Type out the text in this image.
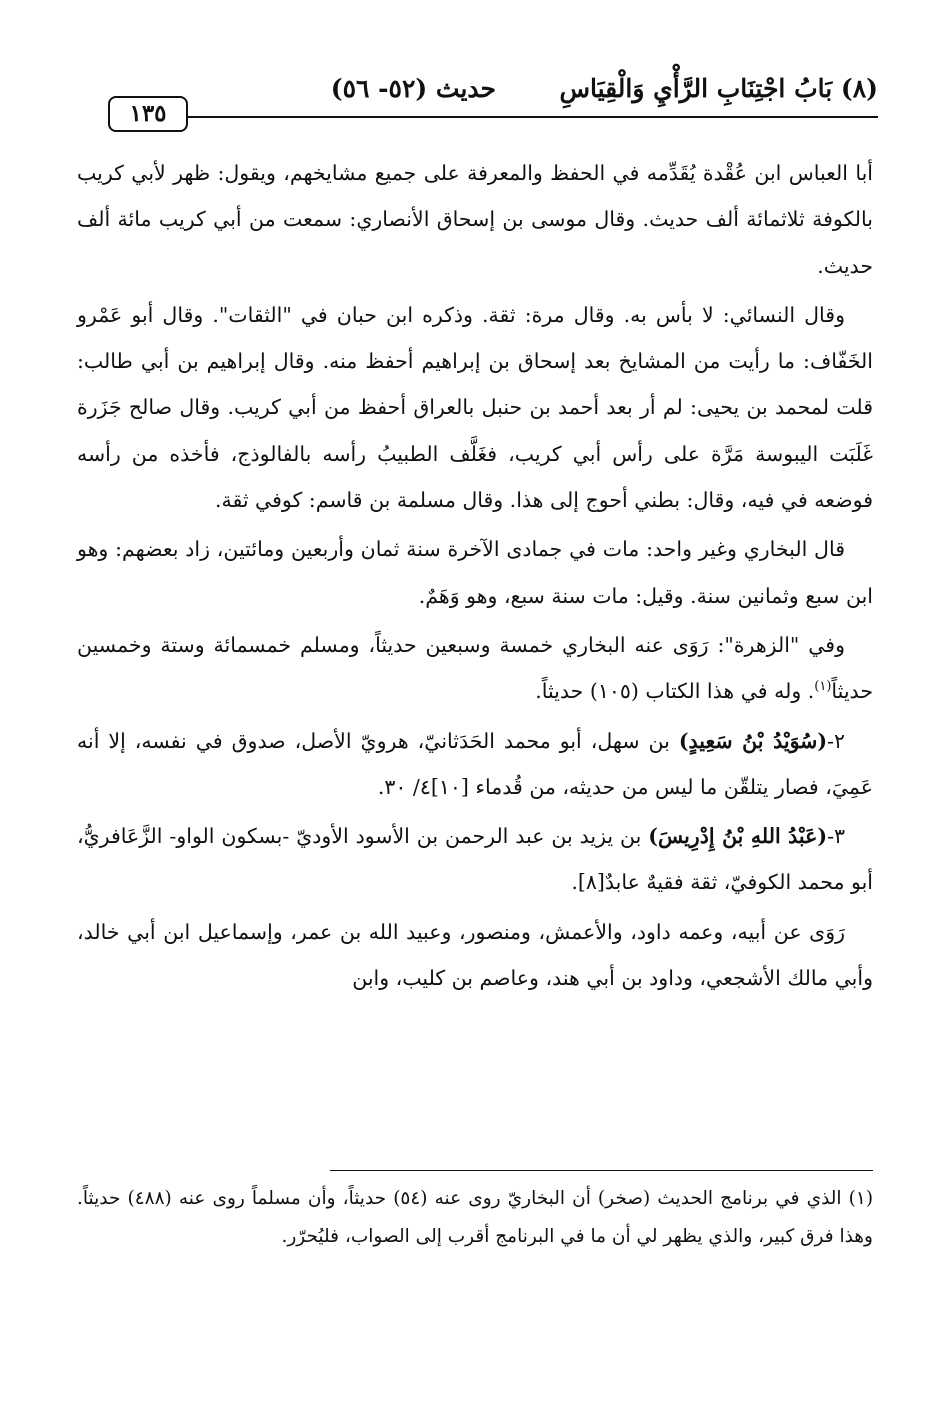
(٨) بَابُ اجْتِنَابِ الرَّأْيِ وَالْقِيَاسِ
حديث (٥٢- ٥٦)
١٣٥

أبا العباس ابن عُقْدة يُقَدِّمه في الحفظ والمعرفة على جميع مشايخهم، ويقول: ظهر لأبي كريب بالكوفة ثلاثمائة ألف حديث. وقال موسى بن إسحاق الأنصاري: سمعت من أبي كريب مائة ألف حديث.

وقال النسائي: لا بأس به. وقال مرة: ثقة. وذكره ابن حبان في "الثقات". وقال أبو عَمْرو الخَفّاف: ما رأيت من المشايخ بعد إسحاق بن إبراهيم أحفظ منه. وقال إبراهيم بن أبي طالب: قلت لمحمد بن يحيى: لم أر بعد أحمد بن حنبل بالعراق أحفظ من أبي كريب. وقال صالح جَزَرة غَلَبَت اليبوسة مَرَّة على رأس أبي كريب، فغَلَّف الطبيبُ رأسه بالفالوذج، فأخذه من رأسه فوضعه في فيه، وقال: بطني أحوج إلى هذا. وقال مسلمة بن قاسم: كوفي ثقة.

قال البخاري وغير واحد: مات في جمادى الآخرة سنة ثمان وأربعين ومائتين، زاد بعضهم: وهو ابن سبع وثمانين سنة. وقيل: مات سنة سبع، وهو وَهَمٌ.

وفي "الزهرة": رَوَى عنه البخاري خمسة وسبعين حديثاً، ومسلم خمسمائة وستة وخمسين حديثاً$^{(١)}$. وله في هذا الكتاب (١٠٥) حديثاً.

٢-(سُوَيْدُ بْنُ سَعِيدٍ) بن سهل، أبو محمد الحَدَثانيّ، هرويّ الأصل، صدوق في نفسه، إلا أنه عَمِيَ، فصار يتلقّن ما ليس من حديثه، من قُدماء [١٠]٤/ ٣٠.

٣-(عَبْدُ اللهِ بْنُ إِدْرِيسَ) بن يزيد بن عبد الرحمن بن الأسود الأوديّ -بسكون الواو- الزَّعَافريُّ، أبو محمد الكوفيّ، ثقة فقيهٌ عابدٌ[٨].

رَوَى عن أبيه، وعمه داود، والأعمش، ومنصور، وعبيد الله بن عمر، وإسماعيل ابن أبي خالد، وأبي مالك الأشجعي، وداود بن أبي هند، وعاصم بن كليب، وابن

(١) الذي في برنامج الحديث (صخر) أن البخاريّ روى عنه (٥٤) حديثاً، وأن مسلماً روى عنه (٤٨٨) حديثاً. وهذا فرق كبير، والذي يظهر لي أن ما في البرنامج أقرب إلى الصواب، فليُحرّر.
